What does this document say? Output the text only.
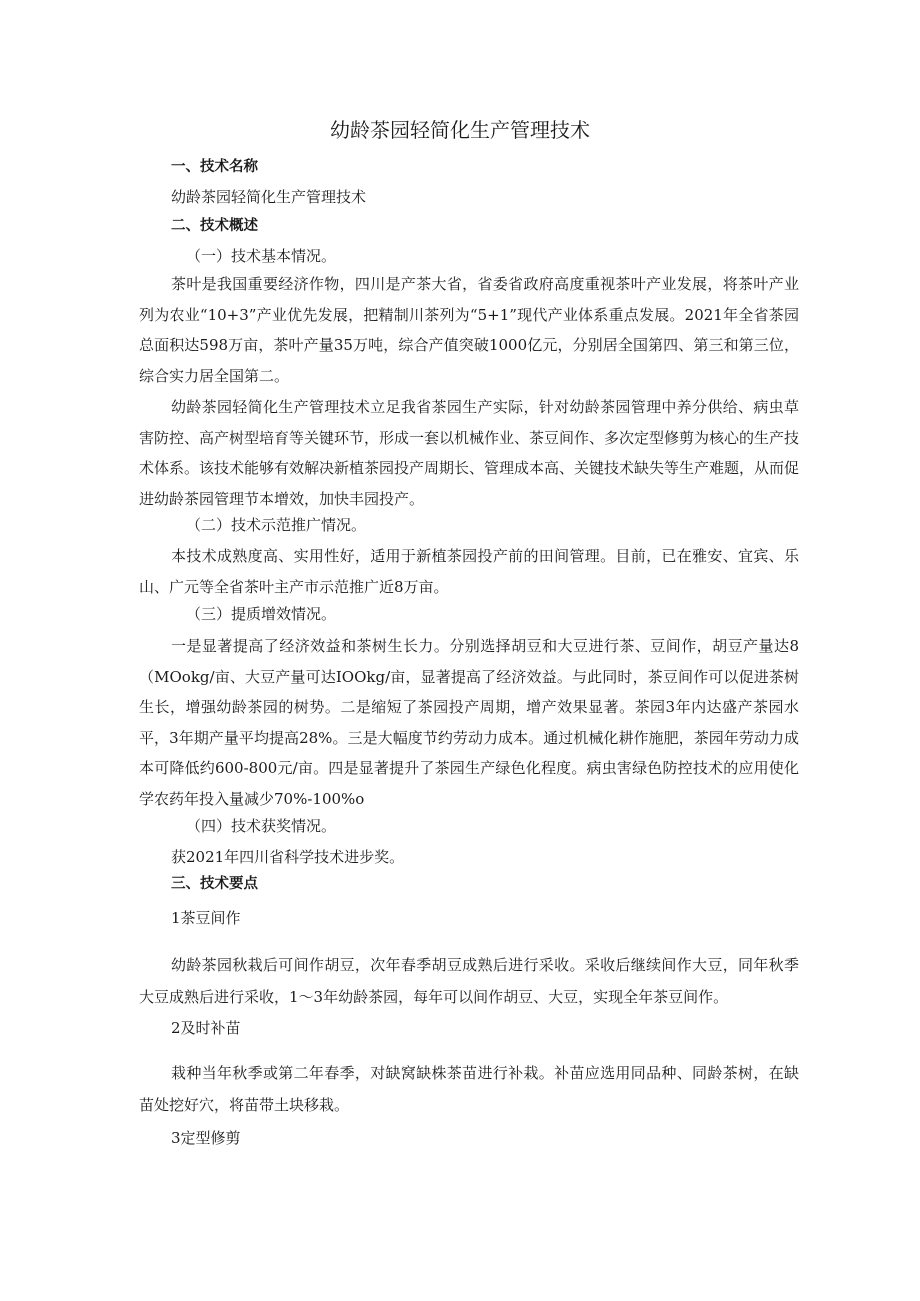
幼龄茶园轻简化生产管理技术

一、技术名称

幼龄茶园轻简化生产管理技术

二、技术概述

（一）技术基本情况。

茶叶是我国重要经济作物，四川是产茶大省，省委省政府高度重视茶叶产业发展，将茶叶产业列为农业“10+3”产业优先发展，把精制川茶列为“5+1”现代产业体系重点发展。2021年全省茶园总面积达598万亩，茶叶产量35万吨，综合产值突破1000亿元，分别居全国第四、第三和第三位，综合实力居全国第二。

幼龄茶园轻简化生产管理技术立足我省茶园生产实际，针对幼龄茶园管理中养分供给、病虫草害防控、高产树型培育等关键环节，形成一套以机械作业、茶豆间作、多次定型修剪为核心的生产技术体系。该技术能够有效解决新植茶园投产周期长、管理成本高、关键技术缺失等生产难题，从而促进幼龄茶园管理节本增效，加快丰园投产。

（二）技术示范推广情况。

本技术成熟度高、实用性好，适用于新植茶园投产前的田间管理。目前，已在雅安、宜宾、乐山、广元等全省茶叶主产市示范推广近8万亩。

（三）提质增效情况。

一是显著提高了经济效益和茶树生长力。分别选择胡豆和大豆进行茶、豆间作，胡豆产量达8（MOokg/亩、大豆产量可达IOOkg/亩，显著提高了经济效益。与此同时，茶豆间作可以促进茶树生长，增强幼龄茶园的树势。二是缩短了茶园投产周期，增产效果显著。茶园3年内达盛产茶园水平，3年期产量平均提高28%。三是大幅度节约劳动力成本。通过机械化耕作施肥，茶园年劳动力成本可降低约600-800元/亩。四是显著提升了茶园生产绿色化程度。病虫害绿色防控技术的应用使化学农药年投入量减少70%-100%o

（四）技术获奖情况。

获2021年四川省科学技术进步奖。

三、技术要点

1茶豆间作

幼龄茶园秋栽后可间作胡豆，次年春季胡豆成熟后进行采收。采收后继续间作大豆，同年秋季大豆成熟后进行采收，1～3年幼龄茶园，每年可以间作胡豆、大豆，实现全年茶豆间作。

2及时补苗

栽种当年秋季或第二年春季，对缺窝缺株茶苗进行补栽。补苗应选用同品种、同龄茶树，在缺苗处挖好穴，将苗带土块移栽。

3定型修剪
